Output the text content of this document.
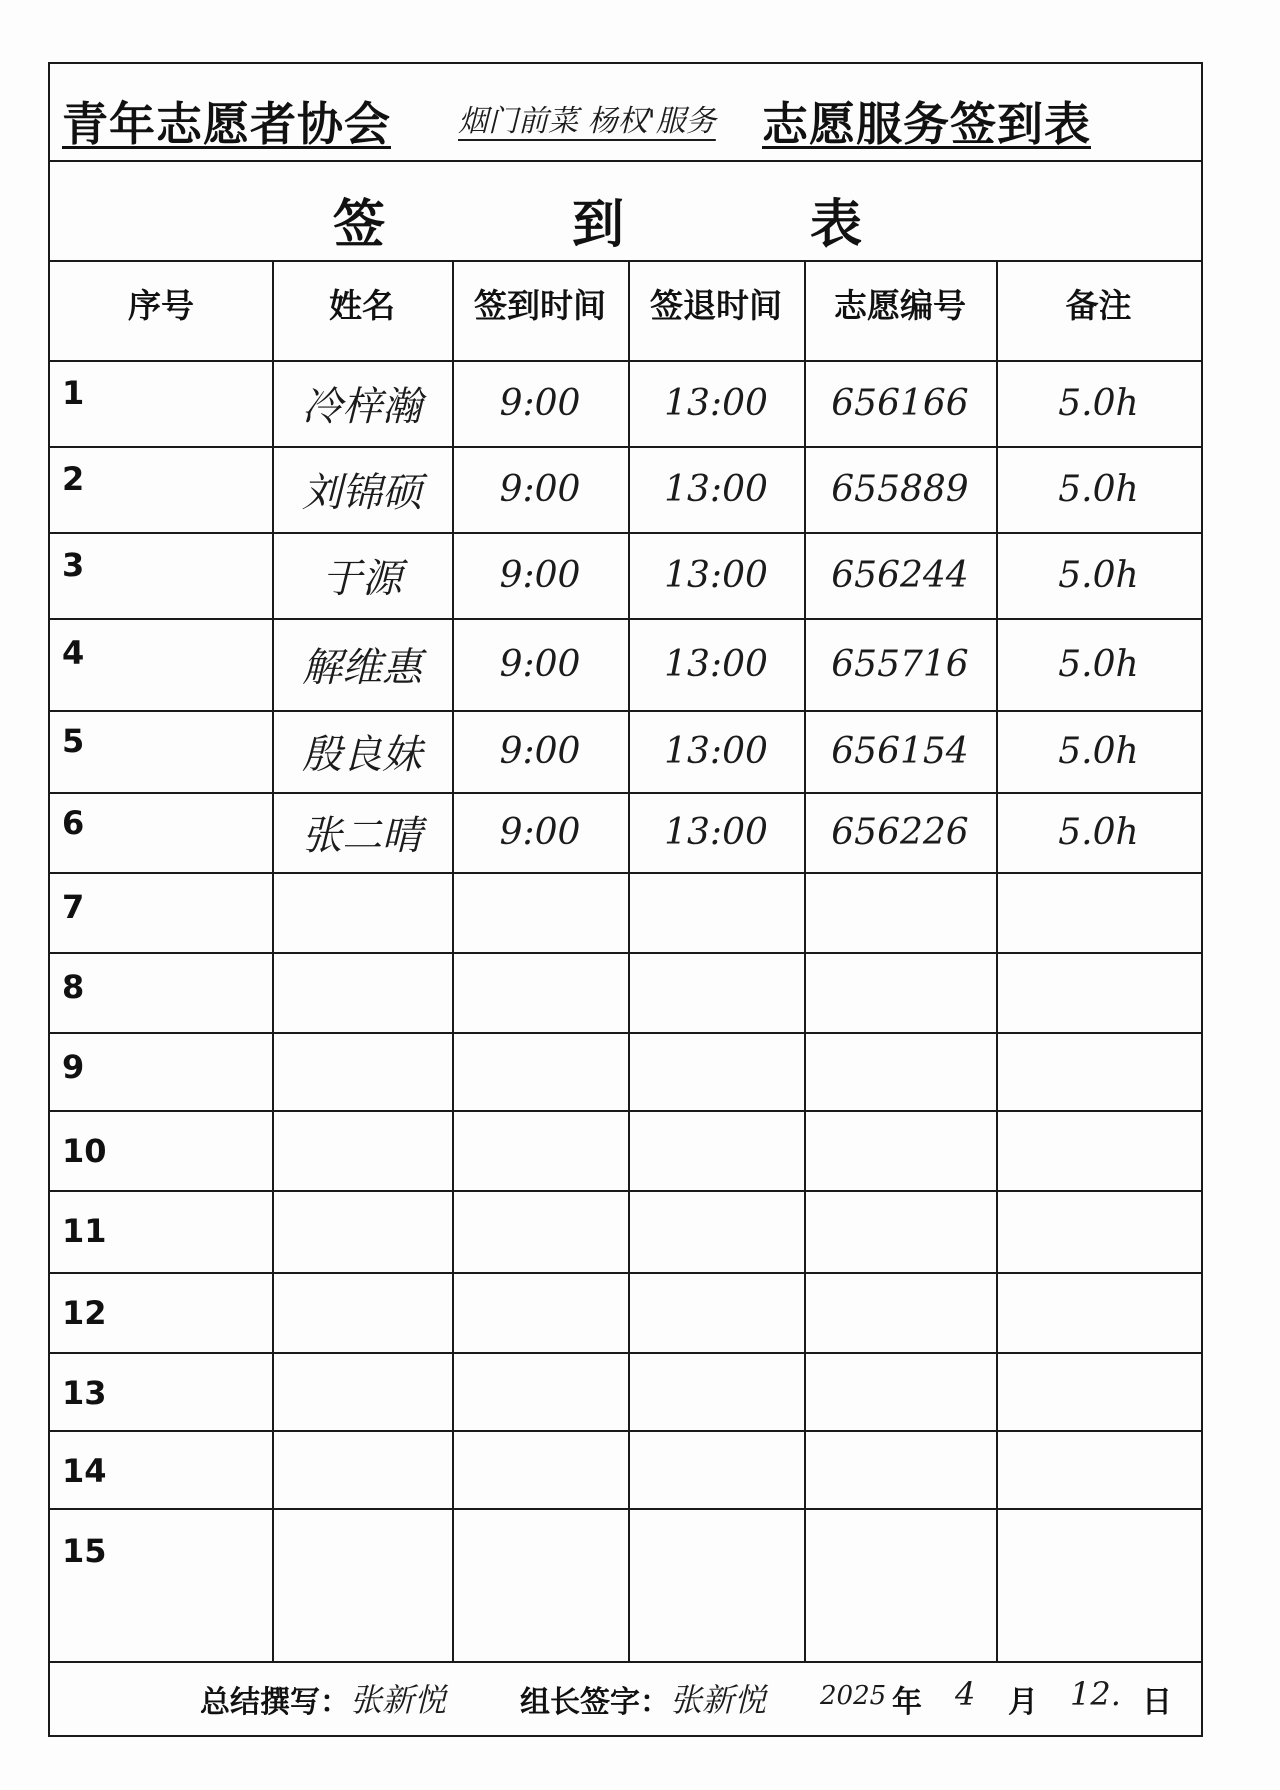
青年志愿者协会 烟门前菜 杨权'服务 志愿服务签到表
签	到	表
序号	姓名	签到时间	签退时间	志愿编号	备注
1	冷梓瀚	9:00	13:00	656166	5.0h
2	刘锦硕	9:00	13:00	655889	5.0h
3	于源	9:00	13:00	656244	5.0h
4	解维惠	9:00	13:00	655716	5.0h
5	殷良妹	9:00	13:00	656154	5.0h
6	张二晴	9:00	13:00	656226	5.0h
7
8
9
10
11
12
13
14
15
总结撰写： 张新悦 组长签字： 张新悦 2025 年 4 月 12. 日
